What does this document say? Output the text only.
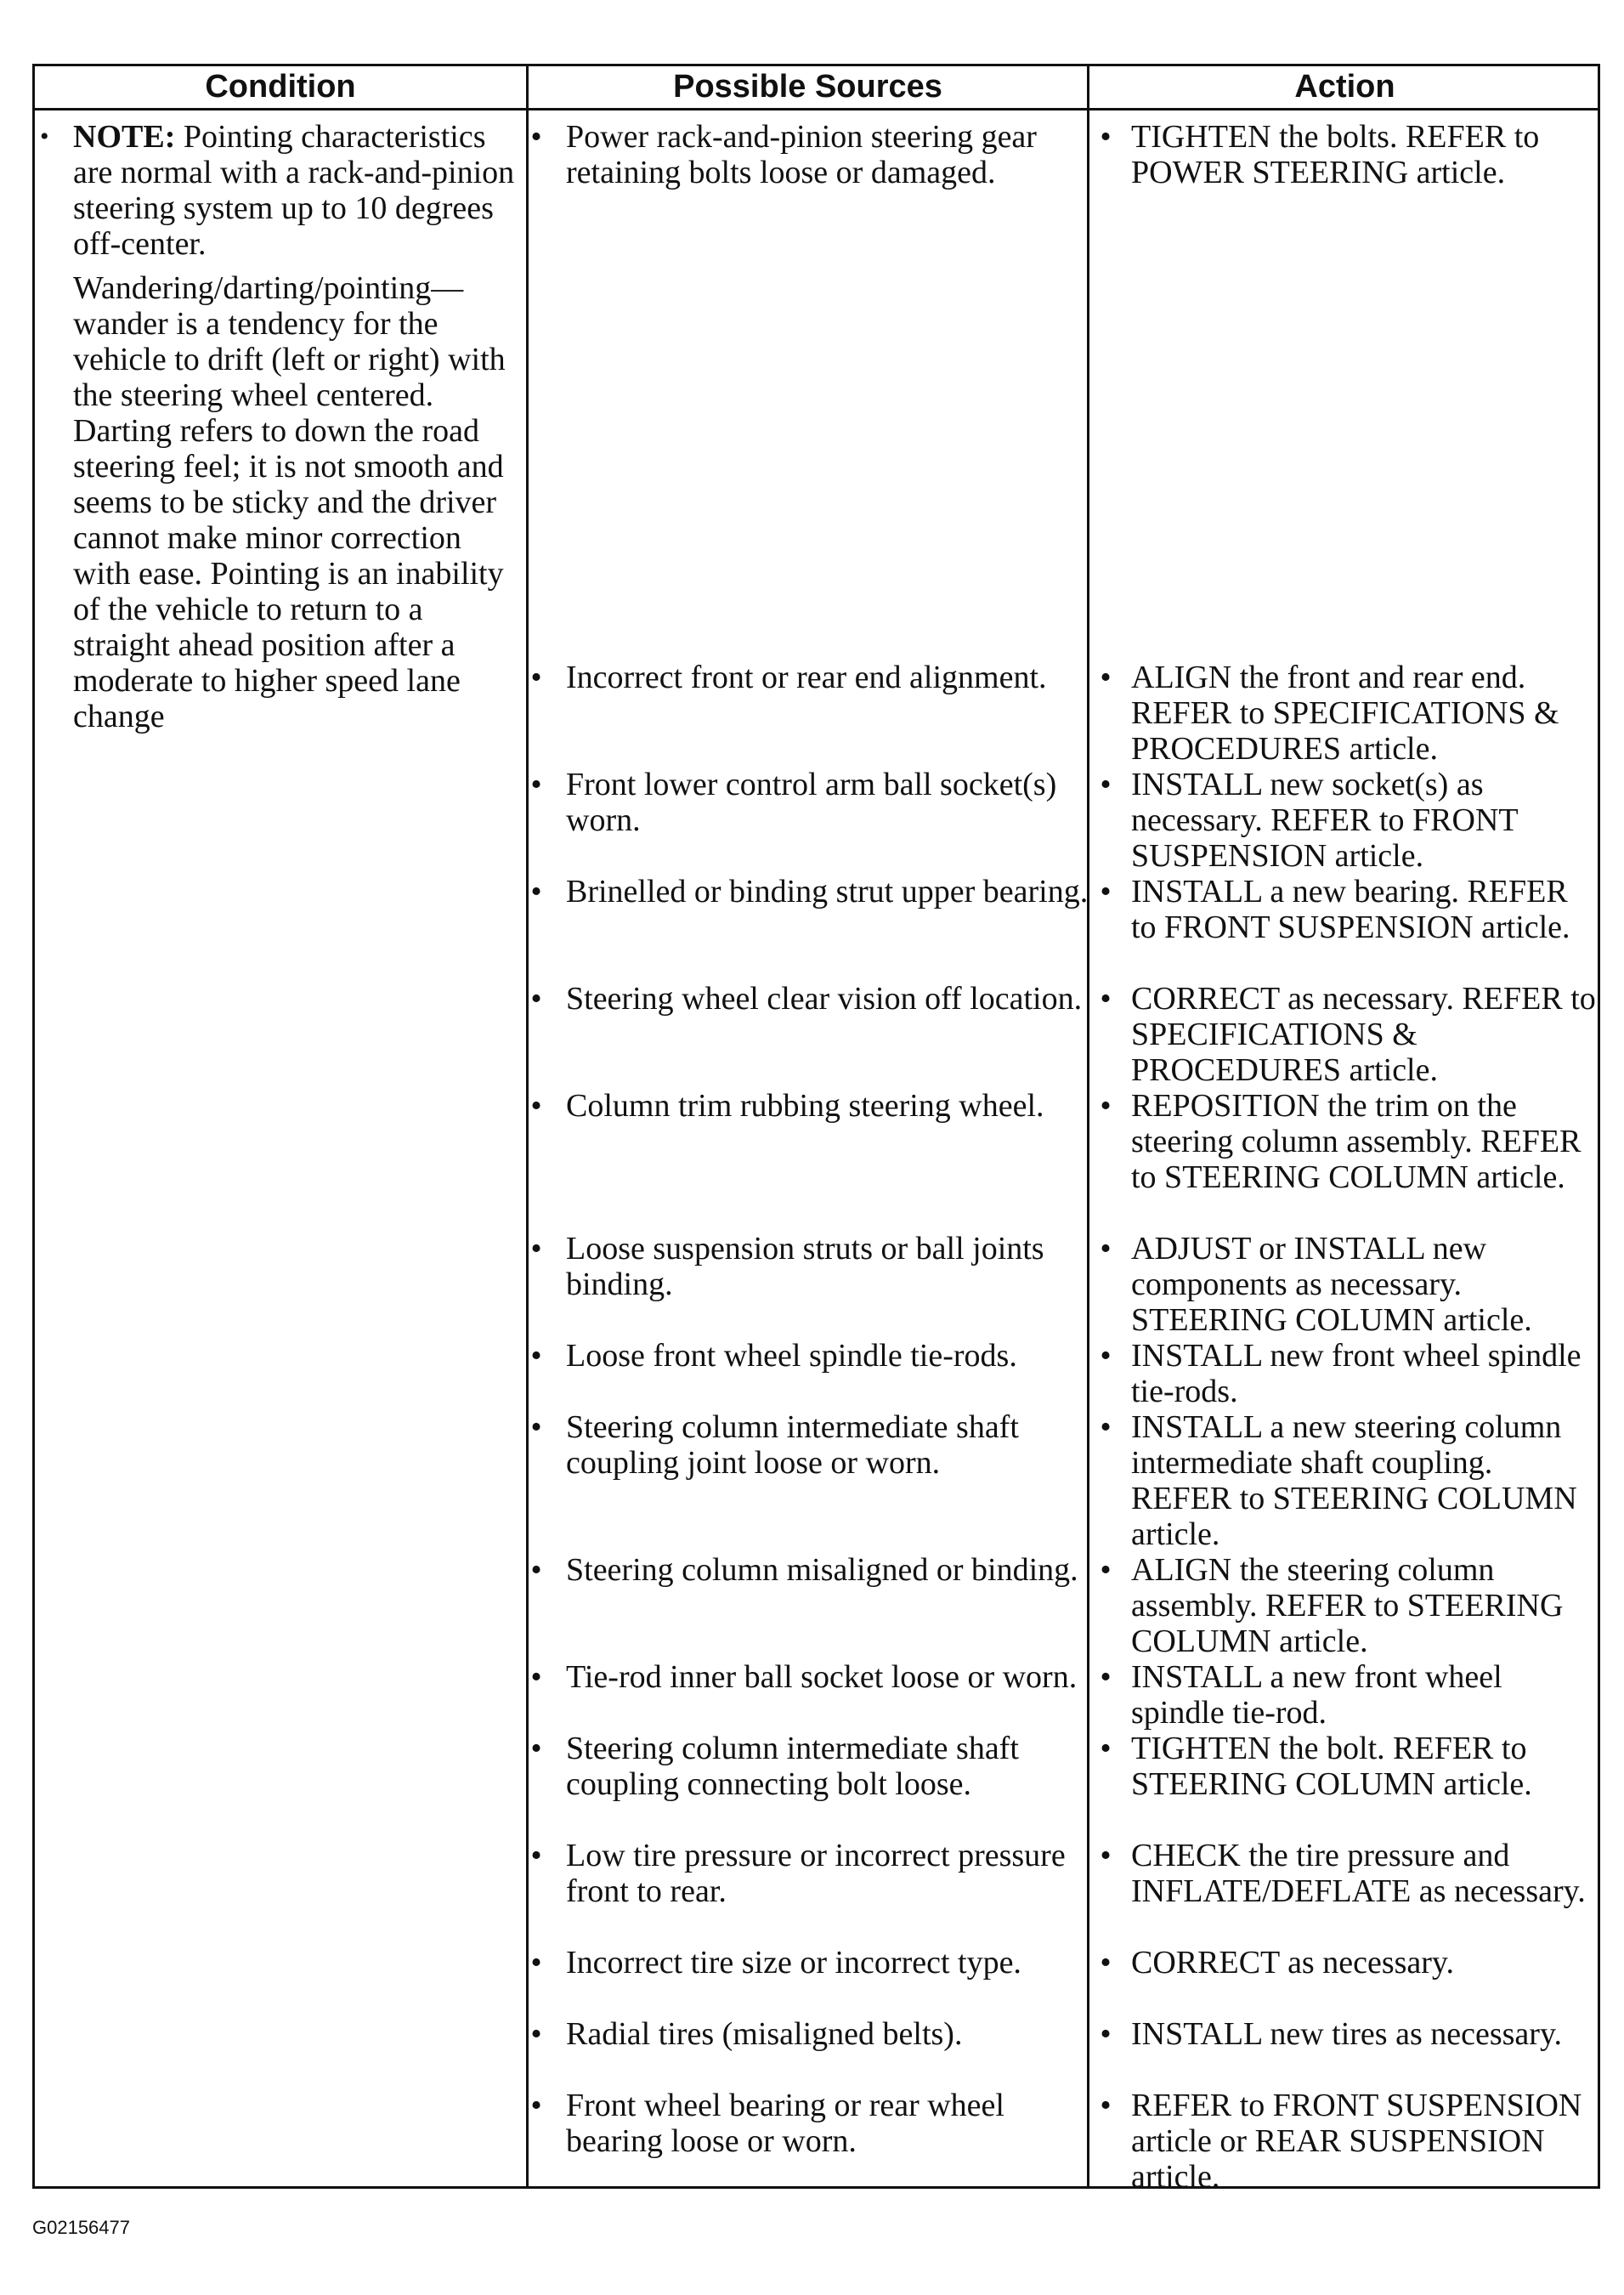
Condition	Possible Sources	Action
• NOTE: Pointing characteristics are normal with a rack-and-pinion steering system up to 10 degrees off-center.

Wandering/darting/pointing— wander is a tendency for the vehicle to drift (left or right) with the steering wheel centered. Darting refers to down the road steering feel; it is not smooth and seems to be sticky and the driver cannot make minor correction with ease. Pointing is an inability of the vehicle to return to a straight ahead position after a moderate to higher speed lane change

• Power rack-and-pinion steering gear retaining bolts loose or damaged.
• Incorrect front or rear end alignment.
• Front lower control arm ball socket(s) worn.
• Brinelled or binding strut upper bearing.
• Steering wheel clear vision off location.
• Column trim rubbing steering wheel.
• Loose suspension struts or ball joints binding.
• Loose front wheel spindle tie-rods.
• Steering column intermediate shaft coupling joint loose or worn.
• Steering column misaligned or binding.
• Tie-rod inner ball socket loose or worn.
• Steering column intermediate shaft coupling connecting bolt loose.
• Low tire pressure or incorrect pressure front to rear.
• Incorrect tire size or incorrect type.
• Radial tires (misaligned belts).
• Front wheel bearing or rear wheel bearing loose or worn.
• TIGHTEN the bolts. REFER to POWER STEERING article.
• ALIGN the front and rear end. REFER to SPECIFICATIONS & PROCEDURES article.
• INSTALL new socket(s) as necessary. REFER to FRONT SUSPENSION article.
• INSTALL a new bearing. REFER to FRONT SUSPENSION article.
• CORRECT as necessary. REFER to SPECIFICATIONS & PROCEDURES article.
• REPOSITION the trim on the steering column assembly. REFER to STEERING COLUMN article.
• ADJUST or INSTALL new components as necessary. STEERING COLUMN article.
• INSTALL new front wheel spindle tie-rods.
• INSTALL a new steering column intermediate shaft coupling. REFER to STEERING COLUMN article.
• ALIGN the steering column assembly. REFER to STEERING COLUMN article.
• INSTALL a new front wheel spindle tie-rod.
• TIGHTEN the bolt. REFER to STEERING COLUMN article.
• CHECK the tire pressure and INFLATE/DEFLATE as necessary.
• CORRECT as necessary.
• INSTALL new tires as necessary.
• REFER to FRONT SUSPENSION article or REAR SUSPENSION article.
G02156477
